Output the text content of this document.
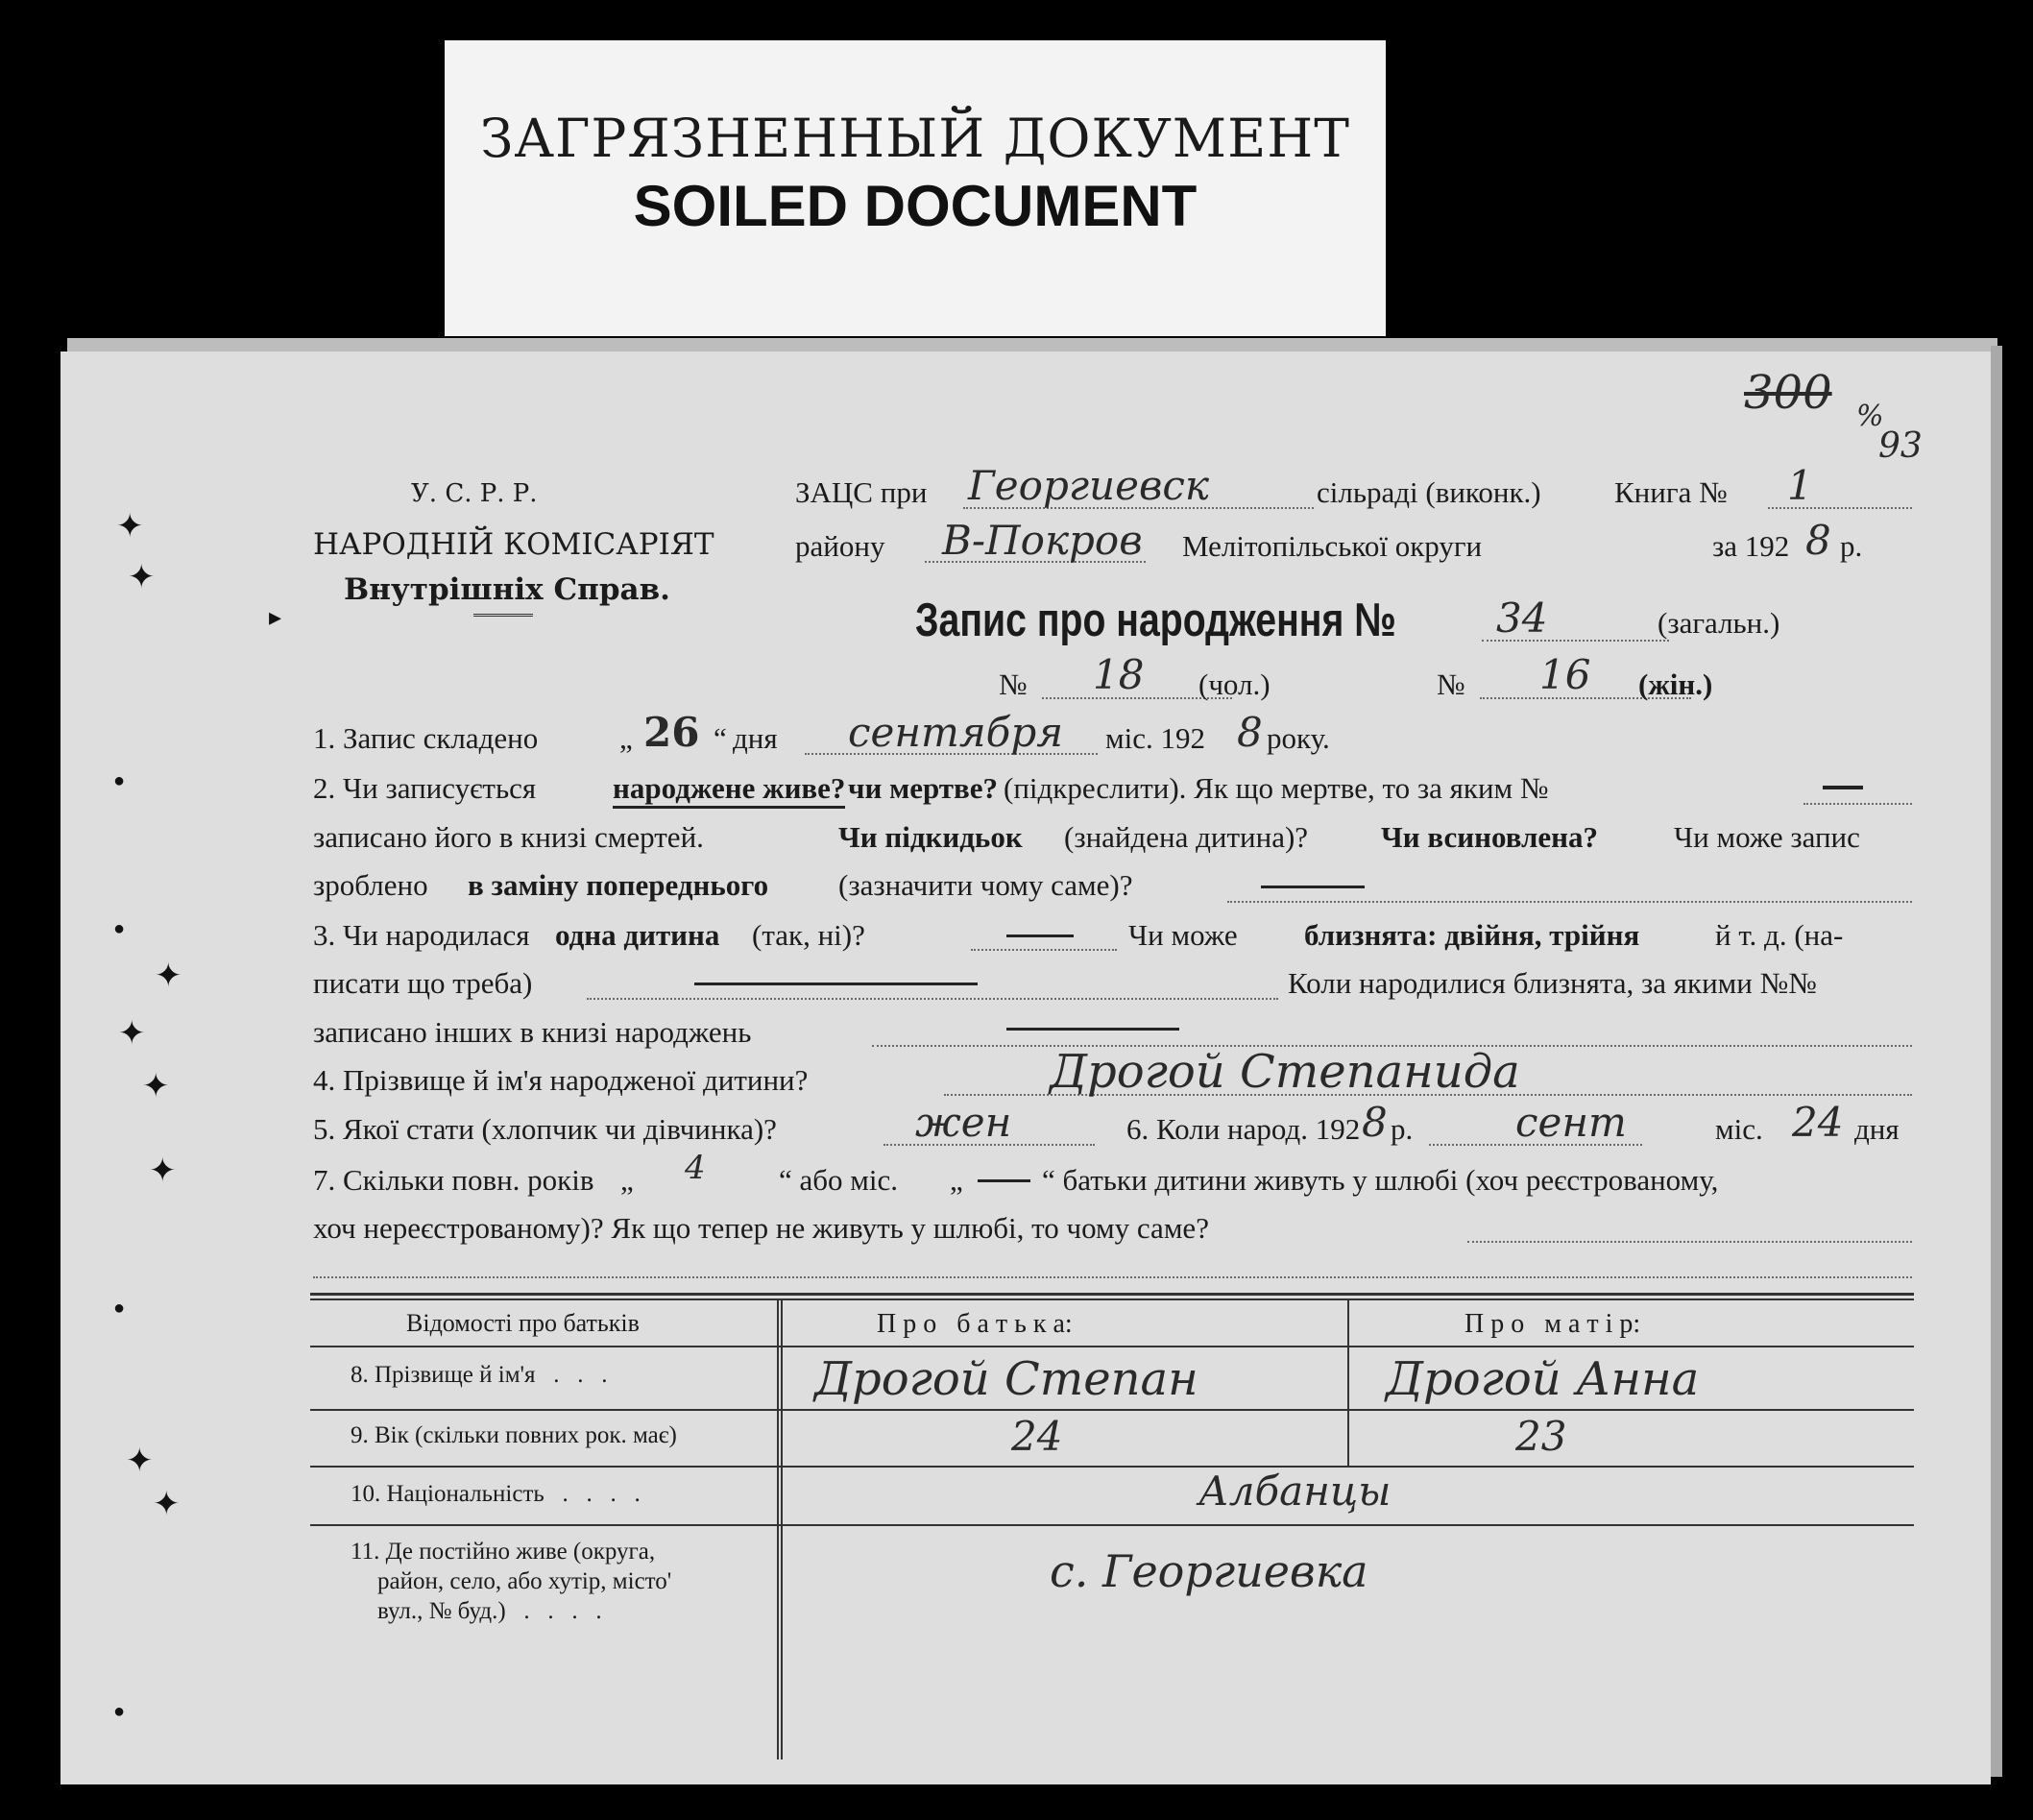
ЗАГРЯЗНЕННЫЙ ДОКУМЕНТ
SOILED DOCUMENT
✦
✦
▸
●
●
✦
✦
✦
✦
●
✦
✦
●
300 %
93
У. С. Р. Р.
НАРОДНІЙ КОМІСАРІЯТ
Внутрішніх Справ.
ЗАЦС при Георгиевск	сільраді (виконк.) Книга № 1
району В-Покров Мелітопільської округи	за 192 8 р.
Запис про народження № 34	(загальн.)
№ 18 (чол.)	№ 16 (жін.)
1. Запис складено	„ 26 “ дня сентября міс. 192 8 року.
2. Чи записується	народжене живе? чи мертве? (підкреслити). Як що мертве, то за яким №
записано його в книзі смертей.	Чи підкидьок (знайдена дитина)? Чи всиновлена?	Чи може запис
зроблено в заміну попереднього (зазначити чому саме)?
3. Чи народилася одна дитина (так, ні)?	Чи може близнята: двійня, трійня	й т. д. (на-
писати що треба)	Коли народилися близнята, за якими №№
записано інших в книзі народжень
4. Прізвище й ім'я народженої дитини?	Дрогой Степанида
5. Якої стати (хлопчик чи дівчинка)?	жен	6. Коли народ. 192 8 р.	сент	міс. 24 дня
7. Скільки повн. років „ 4 “ або міс. „	“ батьки дитини живуть у шлюбі (хоч реєстрованому,
хоч нереєстрованому)? Як що тепер не живуть у шлюбі, то чому саме?
Відомості про батьків	П р о   б а т ь к а:	П р о   м а т і р:
8. Прізвище й ім'я   .   .   .	Дрогой Степан	Дрогой Анна
9. Вік (скільки повних рок. має)	24	23
10. Національність   .   .   .   .	Албанцы
11. Де постійно живе (округа,
район, село, або хутір, місто'
вул., № буд.)   .   .   .   .
с. Георгиевка
